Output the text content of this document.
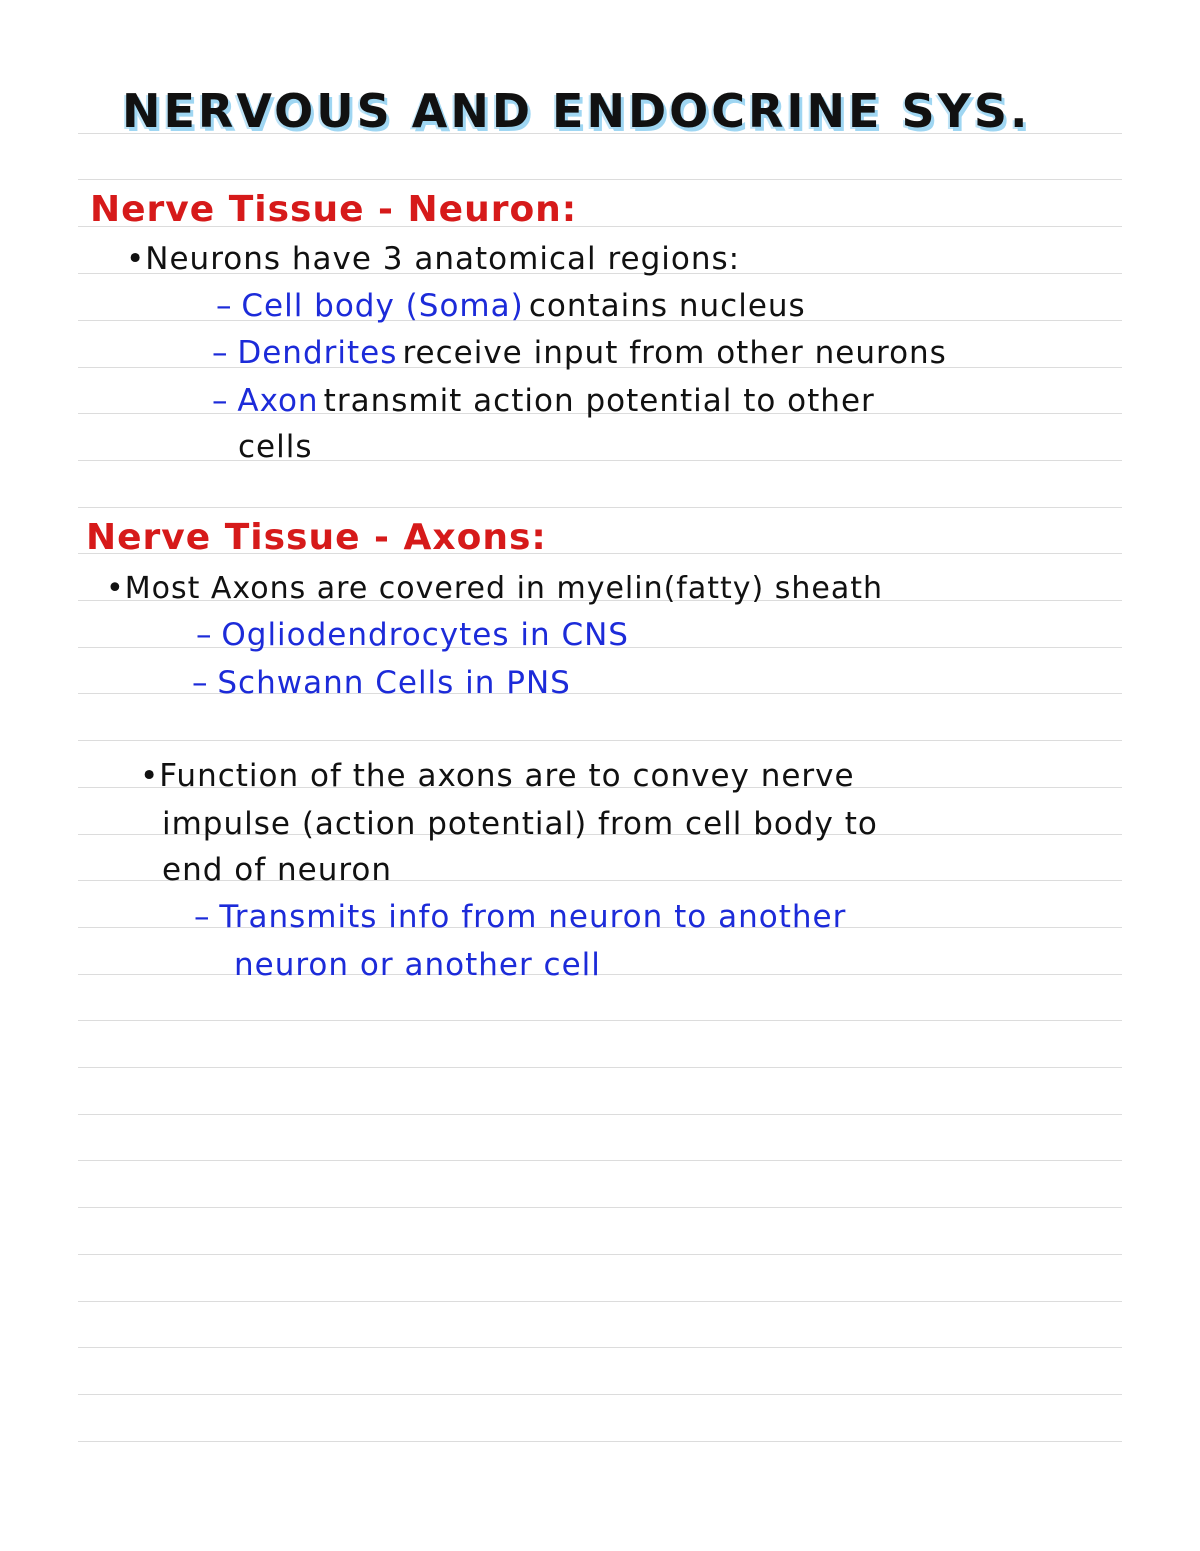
NERVOUS AND ENDOCRINE SYS.
Nerve Tissue - Neuron:
•Neurons have 3 anatomical regions:
– Cell body (Soma) contains nucleus
– Dendrites receive input from other neurons
– Axon transmit action potential to other
cells
Nerve Tissue - Axons:
•Most Axons are covered in myelin(fatty) sheath
– Ogliodendrocytes in CNS
– Schwann Cells in PNS
•Function of the axons are to convey nerve
impulse (action potential) from cell body to
end of neuron
– Transmits info from neuron to another
neuron or another cell
